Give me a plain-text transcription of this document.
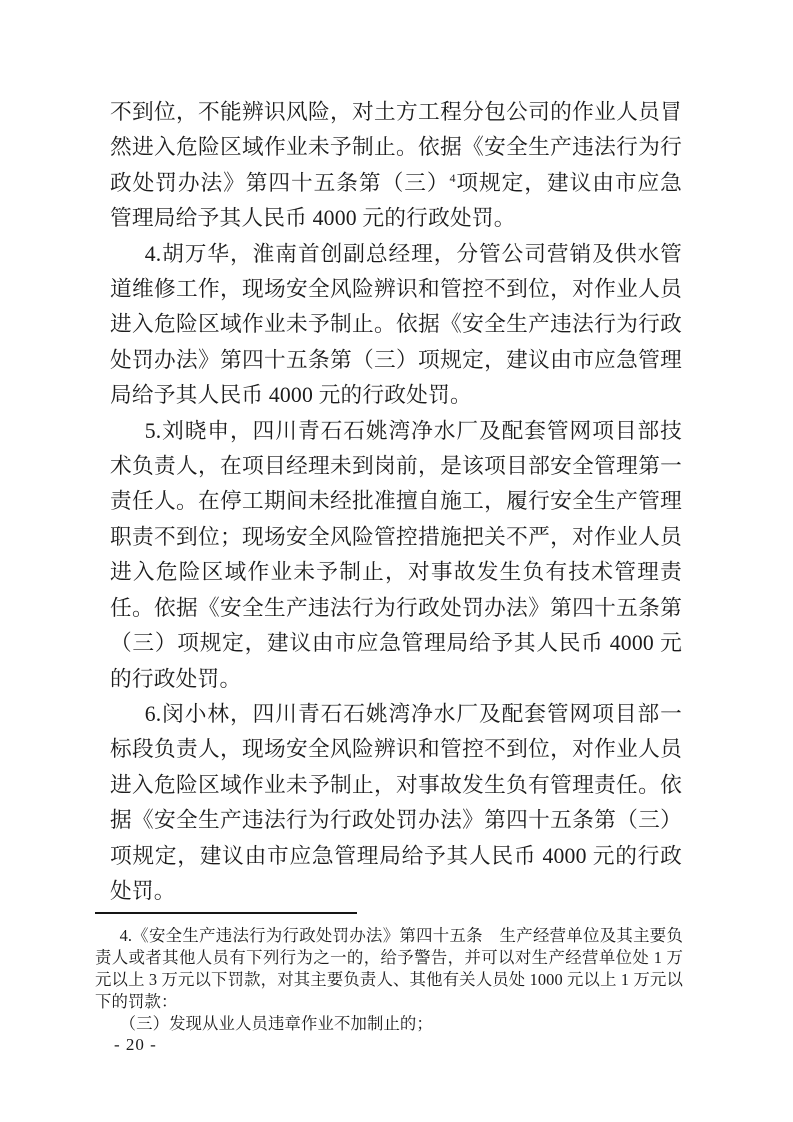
不到位，不能辨识风险，对土方工程分包公司的作业人员冒然进入危险区域作业未予制止。依据《安全生产违法行为行政处罚办法》第四十五条第（三）$^4$项规定，建议由市应急管理局给予其人民币 4000 元的行政处罚。

4.胡万华，淮南首创副总经理，分管公司营销及供水管道维修工作，现场安全风险辨识和管控不到位，对作业人员进入危险区域作业未予制止。依据《安全生产违法行为行政处罚办法》第四十五条第（三）项规定，建议由市应急管理局给予其人民币 4000 元的行政处罚。

5.刘晓申，四川青石石姚湾净水厂及配套管网项目部技术负责人，在项目经理未到岗前，是该项目部安全管理第一责任人。在停工期间未经批准擅自施工，履行安全生产管理职责不到位；现场安全风险管控措施把关不严，对作业人员进入危险区域作业未予制止，对事故发生负有技术管理责任。依据《安全生产违法行为行政处罚办法》第四十五条第（三）项规定，建议由市应急管理局给予其人民币 4000 元的行政处罚。

6.闵小林，四川青石石姚湾净水厂及配套管网项目部一标段负责人，现场安全风险辨识和管控不到位，对作业人员进入危险区域作业未予制止，对事故发生负有管理责任。依据《安全生产违法行为行政处罚办法》第四十五条第（三）项规定，建议由市应急管理局给予其人民币 4000 元的行政处罚。

4.《安全生产违法行为行政处罚办法》第四十五条　生产经营单位及其主要负责人或者其他人员有下列行为之一的，给予警告，并可以对生产经营单位处 1 万元以上 3 万元以下罚款，对其主要负责人、其他有关人员处 1000 元以上 1 万元以下的罚款：

（三）发现从业人员违章作业不加制止的；

- 20 -
